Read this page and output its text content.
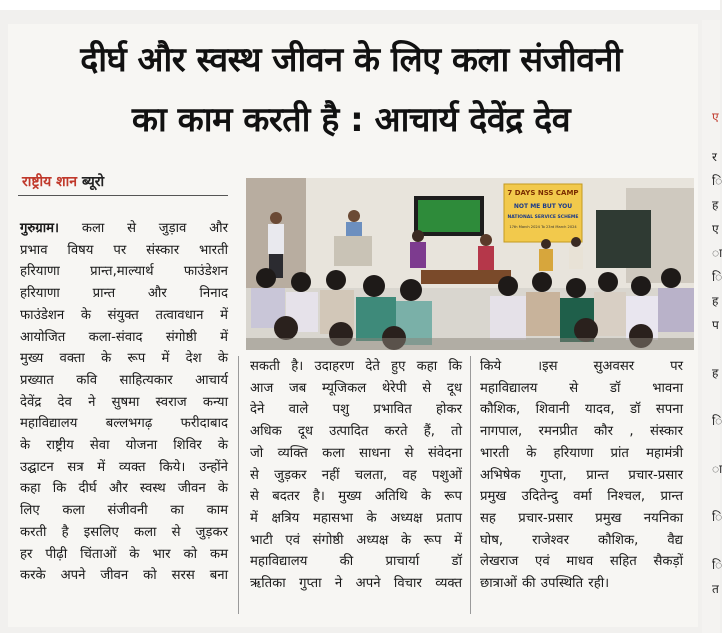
दीर्घ और स्वस्थ जीवन के लिए कला संजीवनी
का काम करती है : आचार्य देवेंद्र देव
राष्ट्रीय शान ब्यूरो
7 DAYS NSS CAMP
NOT ME BUT YOU
NATIONAL SERVICE SCHEME
17th March 2024 To 23rd March 2024
गुरुग्राम। कला से जुड़ाव और
प्रभाव विषय पर संस्कार भारती
हरियाणा प्रान्त,माल्यार्थ फाउंडेशन
हरियाणा प्रान्त और निनाद
फाउंडेशन के संयुक्त तत्वावधान में
आयोजित कला-संवाद संगोष्ठी में
मुख्य वक्ता के रूप में देश के
प्रख्यात कवि साहित्यकार आचार्य
देवेंद्र देव ने सुषमा स्वराज कन्या
महाविद्यालय बल्लभगढ़ फरीदाबाद
के राष्ट्रीय सेवा योजना शिविर के
उद्घाटन सत्र में व्यक्त किये। उन्होंने
कहा कि दीर्घ और स्वस्थ जीवन के
लिए कला संजीवनी का काम
करती है इसलिए कला से जुड़कर
हर पीढ़ी चिंताओं के भार को कम
करके अपने जीवन को सरस बना
सकती है। उदाहरण देते हुए कहा कि
आज जब म्यूजिकल थेरेपी से दूध
देने वाले पशु प्रभावित होकर
अधिक दूध उत्पादित करते हैं, तो
जो व्यक्ति कला साधना से संवेदना
से जुड़कर नहीं चलता, वह पशुओं
से बदतर है। मुख्य अतिथि के रूप
में क्षत्रिय महासभा के अध्यक्ष प्रताप
भाटी एवं संगोष्ठी अध्यक्ष के रूप में
महाविद्यालय की प्राचार्या डॉ
ऋतिका गुप्ता ने अपने विचार व्यक्त
किये ।इस सुअवसर पर
महाविद्यालय से डॉ भावना
कौशिक, शिवानी यादव, डॉ सपना
नागपाल, रमनप्रीत कौर , संस्कार
भारती के हरियाणा प्रांत महामंत्री
अभिषेक गुप्ता, प्रान्त प्रचार-प्रसार
प्रमुख उदितेन्दु वर्मा निश्चल, प्रान्त
सह प्रचार-प्रसार प्रमुख नयनिका
घोष, राजेश्वर कौशिक, वैद्य
लेखराज एवं माधव सहित सैकड़ों
छात्राओं की उपस्थिति रही।
ए
र
ि
ह
ए
ा
ि
ह
प
ह
ि
ा
ि
ि
त
